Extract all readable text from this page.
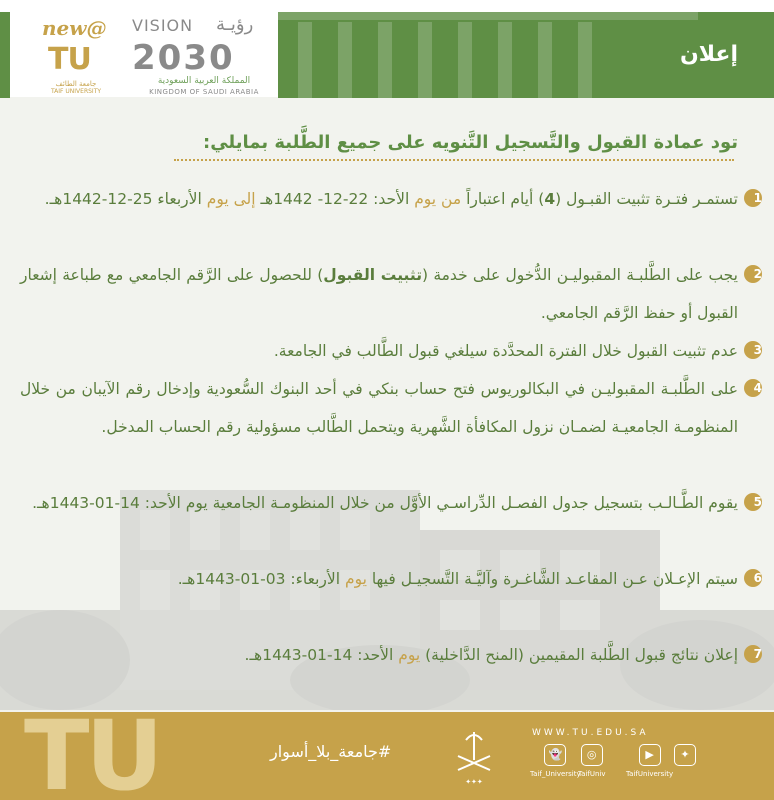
new@
TU
جامعة الطائف
TAIF UNIVERSITY
VISION رؤيـة
2030
المملكة العربية السعودية
KINGDOM OF SAUDI ARABIA
إعلان
تود عمادة القبول والتَّسجيل التَّنويه على جميع الطَّلبة بمايلي:
1

تستمـر فتـرة تثبيت القبـول (4) أيام اعتباراً من يوم الأحد: 22-12- 1442هـ إلى يوم الأربعاء 25-12-1442هـ.

2

يجب على الطَّلبـة المقبوليـن الدُّخول على خدمة (تثبيت القبول) للحصول على الرَّقم الجامعي مع طباعة إشعار القبول أو حفظ الرَّقم الجامعي.

3

عدم تثبيت القبول خلال الفترة المحدَّدة سيلغي قبول الطَّالب في الجامعة.

4

على الطَّلبـة المقبوليـن في البكالوريوس فتح حساب بنكي في أحد البنوك السُّعودية وإدخال رقم الآيبان من خلال المنظومـة الجامعيـة لضمـان نزول المكافأة الشَّهرية ويتحمل الطَّالب مسؤولية رقم الحساب المدخل.

5

يقوم الطَّـالـب بتسجيل جدول الفصـل الدِّراسـي الأوَّل من خلال المنظومـة الجامعية يوم الأحد: 14-01-1443هـ.

6

سيتم الإعـلان عـن المقاعـد الشَّاغـرة وآليَّـة التَّسجيـل فيها يوم الأربعاء: 03-01-1443هـ.

7

إعلان نتائج قبول الطَّلبة المقيمين (المنح الدَّاخلية) يوم الأحد: 14-01-1443هـ.

TU	#جامعة_بلا_أسوار
✦✦✦
WWW.TU.EDU.SA
👻
Taif_University
◎
TaifUniv
▶
TaifUniversity
✦
